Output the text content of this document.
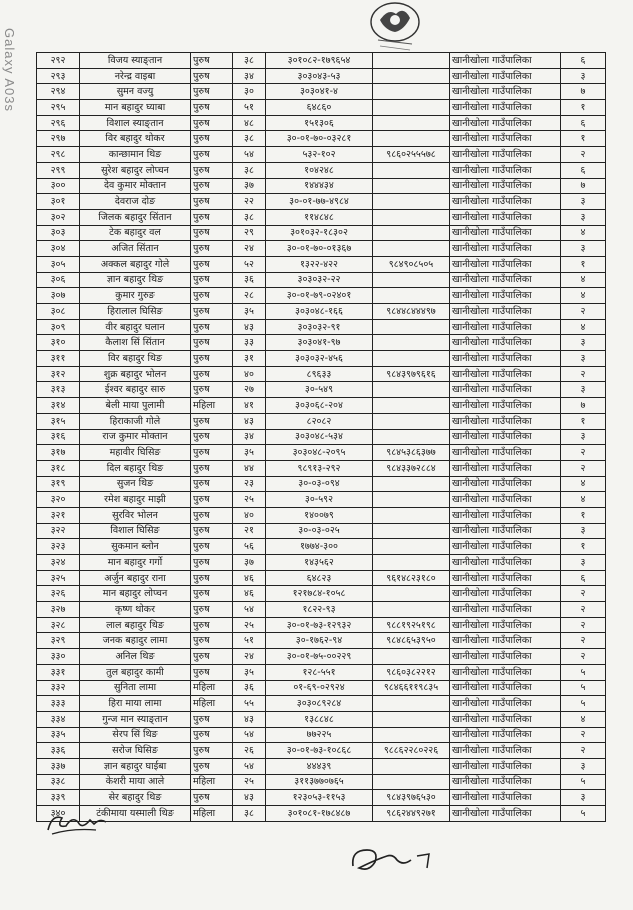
Galaxy A03s	२९२	विजय स्याङ्तान	पुरुष	३८	३०१०८२-१७९६५४		खानीखोला गाउँपालिका	६
२९३	नरेन्द्र वाइबा	पुरुष	३४	३०३०४३-५३		खानीखोला गाउँपालिका	३
२९४	सुमन वज्यु	पुरुष	३०	३०३०४१-४		खानीखोला गाउँपालिका	७
२९५	मान बहादुर घ्याबा	पुरुष	५१	६४८६०		खानीखोला गाउँपालिका	१
२९६	विशाल स्याङ्तान	पुरुष	४८	१५१३०६		खानीखोला गाउँपालिका	६
२९७	विर बहादुर थोकर	पुरुष	३८	३०-०१-७०-०३२८१		खानीखोला गाउँपालिका	१
२९८	कान्छामान थिङ	पुरुष	५४	५३२-१०२	९८६०२५५५७८	खानीखोला गाउँपालिका	२
२९९	सुरेश बहादुर लोप्चन	पुरुष	३८	१०४२४८		खानीखोला गाउँपालिका	६
३००	देव कुमार मोक्तान	पुरुष	३७	१४४४३४		खानीखोला गाउँपालिका	७
३०१	देवराज दोङ	पुरुष	२२	३०-०१-७७-४९८४		खानीखोला गाउँपालिका	३
३०२	जिलक बहादुर सिंतान	पुरुष	३८	११४८४८		खानीखोला गाउँपालिका	३
३०३	टेक बहादुर वल	पुरुष	२९	३०१०३२-१८३०२		खानीखोला गाउँपालिका	४
३०४	अजित सिंतान	पुरुष	२४	३०-०१-७०-०१३६७		खानीखोला गाउँपालिका	३
३०५	अक्कल बहादुर गोले	पुरुष	५२	१३२२-४२२	९८४९०८५०५	खानीखोला गाउँपालिका	१
३०६	ज्ञान बहादुर थिङ	पुरुष	३६	३०३०३२-२२		खानीखोला गाउँपालिका	४
३०७	कुमार गुरुङ	पुरुष	२८	३०-०१-७९-०२४०१		खानीखोला गाउँपालिका	४
३०८	हिरालाल घिसिङ	पुरुष	३५	३०३०४८-१६६	९८४४८४४४९७	खानीखोला गाउँपालिका	२
३०९	वीर बहादुर घलान	पुरुष	४३	३०३०३२-९१		खानीखोला गाउँपालिका	४
३१०	कैलाश सिं सिंतान	पुरुष	३३	३०३०४१-९७		खानीखोला गाउँपालिका	३
३११	विर बहादुर थिङ	पुरुष	३१	३०३०३२-४५६		खानीखोला गाउँपालिका	३
३१२	शुक्र बहादुर भोलन	पुरुष	४०	८९६३३	९८४३९७९६१६	खानीखोला गाउँपालिका	२
३१३	ईश्वर बहादुर सारु	पुरुष	२७	३०-५४९		खानीखोला गाउँपालिका	३
३१४	बेली माया पुलामी	महिला	४१	३०३०६८-२०४		खानीखोला गाउँपालिका	७
३१५	हिराकाजी गोले	पुरुष	४३	८२०८२		खानीखोला गाउँपालिका	१
३१६	राज कुमार मोक्तान	पुरुष	३४	३०३०४८-५३४		खानीखोला गाउँपालिका	३
३१७	महावीर घिसिङ	पुरुष	३५	३०३०४८-२०९५	९८४५३८६३७७	खानीखोला गाउँपालिका	२
३१८	दिल बहादुर थिङ	पुरुष	४४	९८९१३-२९२	९८४३३७२८८४	खानीखोला गाउँपालिका	२
३१९	सुजन थिङ	पुरुष	२३	३०-०३-०९४		खानीखोला गाउँपालिका	४
३२०	रमेश बहादुर माझी	पुरुष	२५	३०-५९२		खानीखोला गाउँपालिका	४
३२१	सुरविर भोलन	पुरुष	४०	१४००७९		खानीखोला गाउँपालिका	१
३२२	विशाल घिसिङ	पुरुष	२१	३०-०३-०२५		खानीखोला गाउँपालिका	३
३२३	सुकमान ब्लोन	पुरुष	५६	१७७४-३००		खानीखोला गाउँपालिका	१
३२४	मान बहादुर गर्गो	पुरुष	३७	१४३५६२		खानीखोला गाउँपालिका	३
३२५	अर्जुन बहादुर राना	पुरुष	४६	६४८२३	९६१४८२३१८०	खानीखोला गाउँपालिका	६
३२६	मान बहादुर लोप्चन	पुरुष	४६	१२१७८४-१०५८		खानीखोला गाउँपालिका	२
३२७	कृष्ण थोकर	पुरुष	५४	१८२२-९३		खानीखोला गाउँपालिका	२
३२८	लाल बहादुर थिङ	पुरुष	२५	३०-०१-७३-१२९३२	९८८१९२५१९८	खानीखोला गाउँपालिका	२
३२९	जनक बहादुर लामा	पुरुष	५१	३०-१७६२-९४	९८४८६५३९५०	खानीखोला गाउँपालिका	२
३३०	अनिल थिङ	पुरुष	२४	३०-०१-७५-००२२९		खानीखोला गाउँपालिका	२
३३१	तुल बहादुर कामी	पुरुष	३५	१२८-५५१	९८६०३८२२१२	खानीखोला गाउँपालिका	५
३३२	सुनिता लामा	महिला	३६	०१-६९-०२९२४	९८४६६११९८३५	खानीखोला गाउँपालिका	५
३३३	हिरा माया लामा	महिला	५५	३०३०८९२८४		खानीखोला गाउँपालिका	५
३३४	गुन्ज मान स्याङ्तान	पुरुष	४३	१३८८४८		खानीखोला गाउँपालिका	४
३३५	सेरप सिं थिङ	पुरुष	५४	७७२२५		खानीखोला गाउँपालिका	२
३३६	सरोज घिसिङ	पुरुष	२६	३०-०१-७३-१०८६८	९८८६२२८०२२६	खानीखोला गाउँपालिका	२
३३७	ज्ञान बहादुर घाईबा	पुरुष	५४	४४४३९		खानीखोला गाउँपालिका	३
३३८	केशरी माया आले	महिला	२५	३११३७७०७६५		खानीखोला गाउँपालिका	५
३३९	सेर बहादुर थिङ	पुरुष	४३	१२३०५३-११५३	९८४३९७६५३०	खानीखोला गाउँपालिका	३
३४०	टंकीमाया यस्माली थिङ	महिला	३८	३०१०८१-१७८४८७	९८६२४४९२७१	खानीखोला गाउँपालिका	५
